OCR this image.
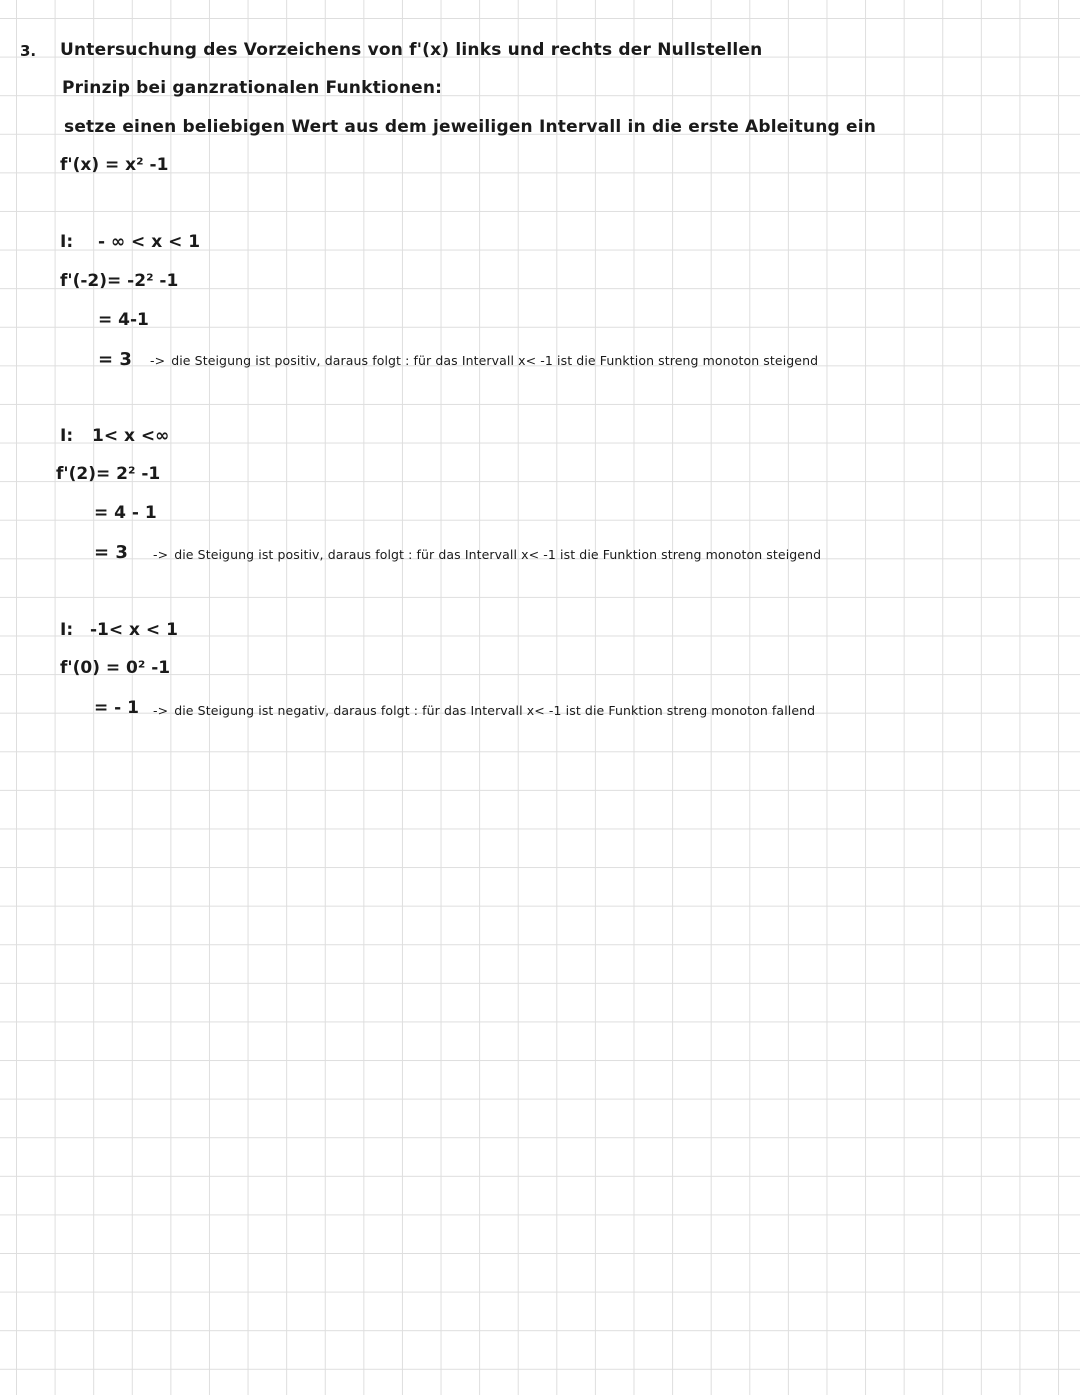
3. Untersuchung des Vorzeichens von f'(x) links und rechts der Nullstellen
Prinzip bei ganzrationalen Funktionen:
setze einen beliebigen Wert aus dem jeweiligen Intervall in die erste Ableitung ein
f'(x) = x² -1
I: - ∞ < x < 1
f'(-2)= -2² -1
= 4-1
= 3 -> die Steigung ist positiv, daraus folgt : für das Intervall x< -1 ist die Funktion streng monoton steigend
I: 1< x <∞
f'(2)= 2² -1
= 4 - 1
= 3 -> die Steigung ist positiv, daraus folgt : für das Intervall x< -1 ist die Funktion streng monoton steigend
I: -1< x < 1
f'(0) = 0² -1
= - 1 -> die Steigung ist negativ, daraus folgt : für das Intervall x< -1 ist die Funktion streng monoton fallend
